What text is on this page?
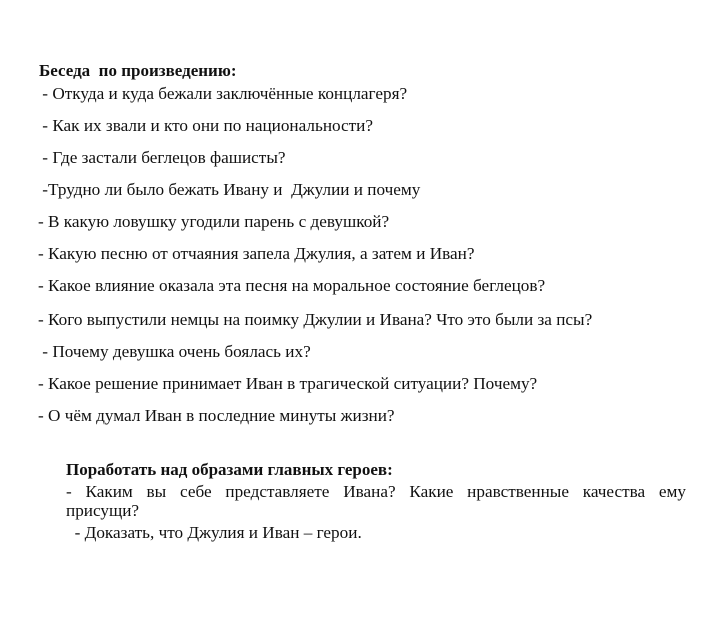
Беседа  по произведению:
- Откуда и куда бежали заключённые концлагеря?
- Как их звали и кто они по национальности?
- Где застали беглецов фашисты?
-Трудно ли было бежать Ивану и  Джулии и почему
- В какую ловушку угодили парень с девушкой?
- Какую песню от отчаяния запела Джулия, а затем и Иван?
- Какое влияние оказала эта песня на моральное состояние беглецов?
- Кого выпустили немцы на поимку Джулии и Ивана? Что это были за псы?
- Почему девушка очень боялась их?
- Какое решение принимает Иван в трагической ситуации? Почему?
- О чём думал Иван в последние минуты жизни?
Поработать над образами главных героев:
- Каким вы себе представляете Ивана? Какие нравственные качества ему
присущи?
- Доказать, что Джулия и Иван – герои.
